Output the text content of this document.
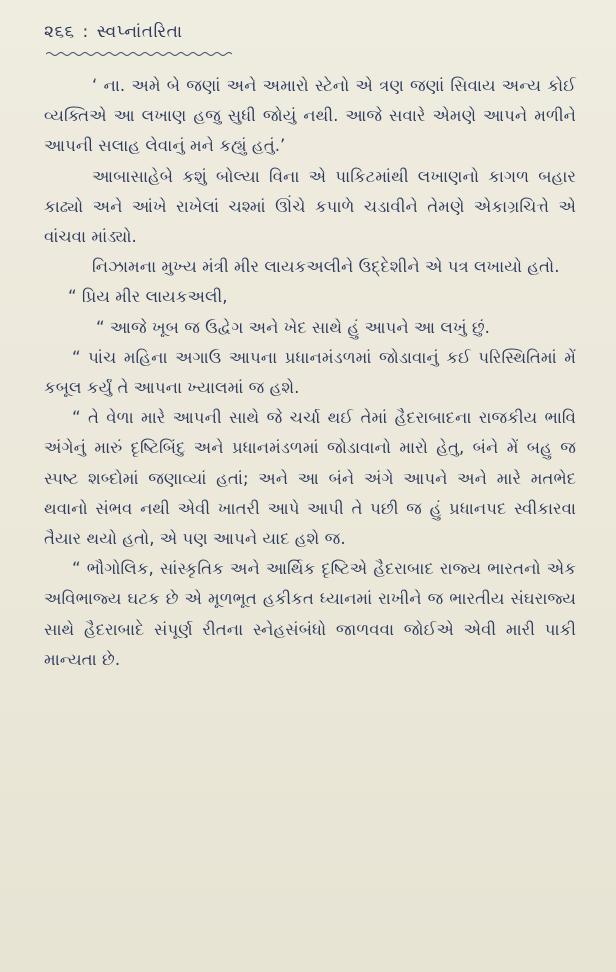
૨૬૬ : સ્વપ્નાંતરિતા

‘ ના. અમે બે જણાં અને અમારો સ્ટેનો એ ત્રણ જણાં સિવાય અન્ય કોઈ વ્યક્તિએ આ લખાણ હજુ સુધી જોયું નથી. આજે સવારે એમણે આપને મળીને આપની સલાહ લેવાનું મને કહ્યું હતું.’

આબાસાહેબે કશું બોલ્યા વિના એ પાકિટમાંથી લખાણનો કાગળ બહાર કાઢ્યો અને આંખે રાખેલાં ચશ્માં ઊંચે કપાળે ચડાવીને તેમણે એકાગ્રચિત્તે એ વાંચવા માંડ્યો.

નિઝામના મુખ્ય મંત્રી મીર લાયકઅલીને ઉદ્દેશીને એ પત્ર લખાયો હતો.

“ પ્રિય મીર લાયકઅલી,

“ આજે ખૂબ જ ઉદ્વેગ અને ખેદ સાથે હું આપને આ લખું છું.

“ પાંચ મહિના અગાઉ આપના પ્રધાનમંડળમાં જોડાવાનું કઈ પરિસ્થિતિમાં મેં કબૂલ કર્યું તે આપના ખ્યાલમાં જ હશે.

“ તે વેળા મારે આપની સાથે જે ચર્ચા થઈ તેમાં હૈદરાબાદના રાજકીય ભાવિ અંગેનું મારું દૃષ્ટિબિંદુ અને પ્રધાનમંડળમાં જોડાવાનો મારો હેતુ, બંને મેં બહુ જ સ્પષ્ટ શબ્દોમાં જણાવ્યાં હતાં; અને આ બંને અંગે આપને અને મારે મતભેદ થવાનો સંભવ નથી એવી ખાતરી આપે આપી તે પછી જ હું પ્રધાનપદ સ્વીકારવા તૈયાર થયો હતો, એ પણ આપને યાદ હશે જ.

“ ભૌગોલિક, સાંસ્કૃતિક અને આર્થિક દૃષ્ટિએ હૈદરાબાદ રાજ્ય ભારતનો એક અવિભાજ્ય ઘટક છે એ મૂળભૂત હકીકત ધ્યાનમાં રાખીને જ ભારતીય સંઘરાજ્ય સાથે હૈદરાબાદે સંપૂર્ણ રીતના સ્નેહસંબંધો જાળવવા જોઈએ એવી મારી પાકી માન્યતા છે.
